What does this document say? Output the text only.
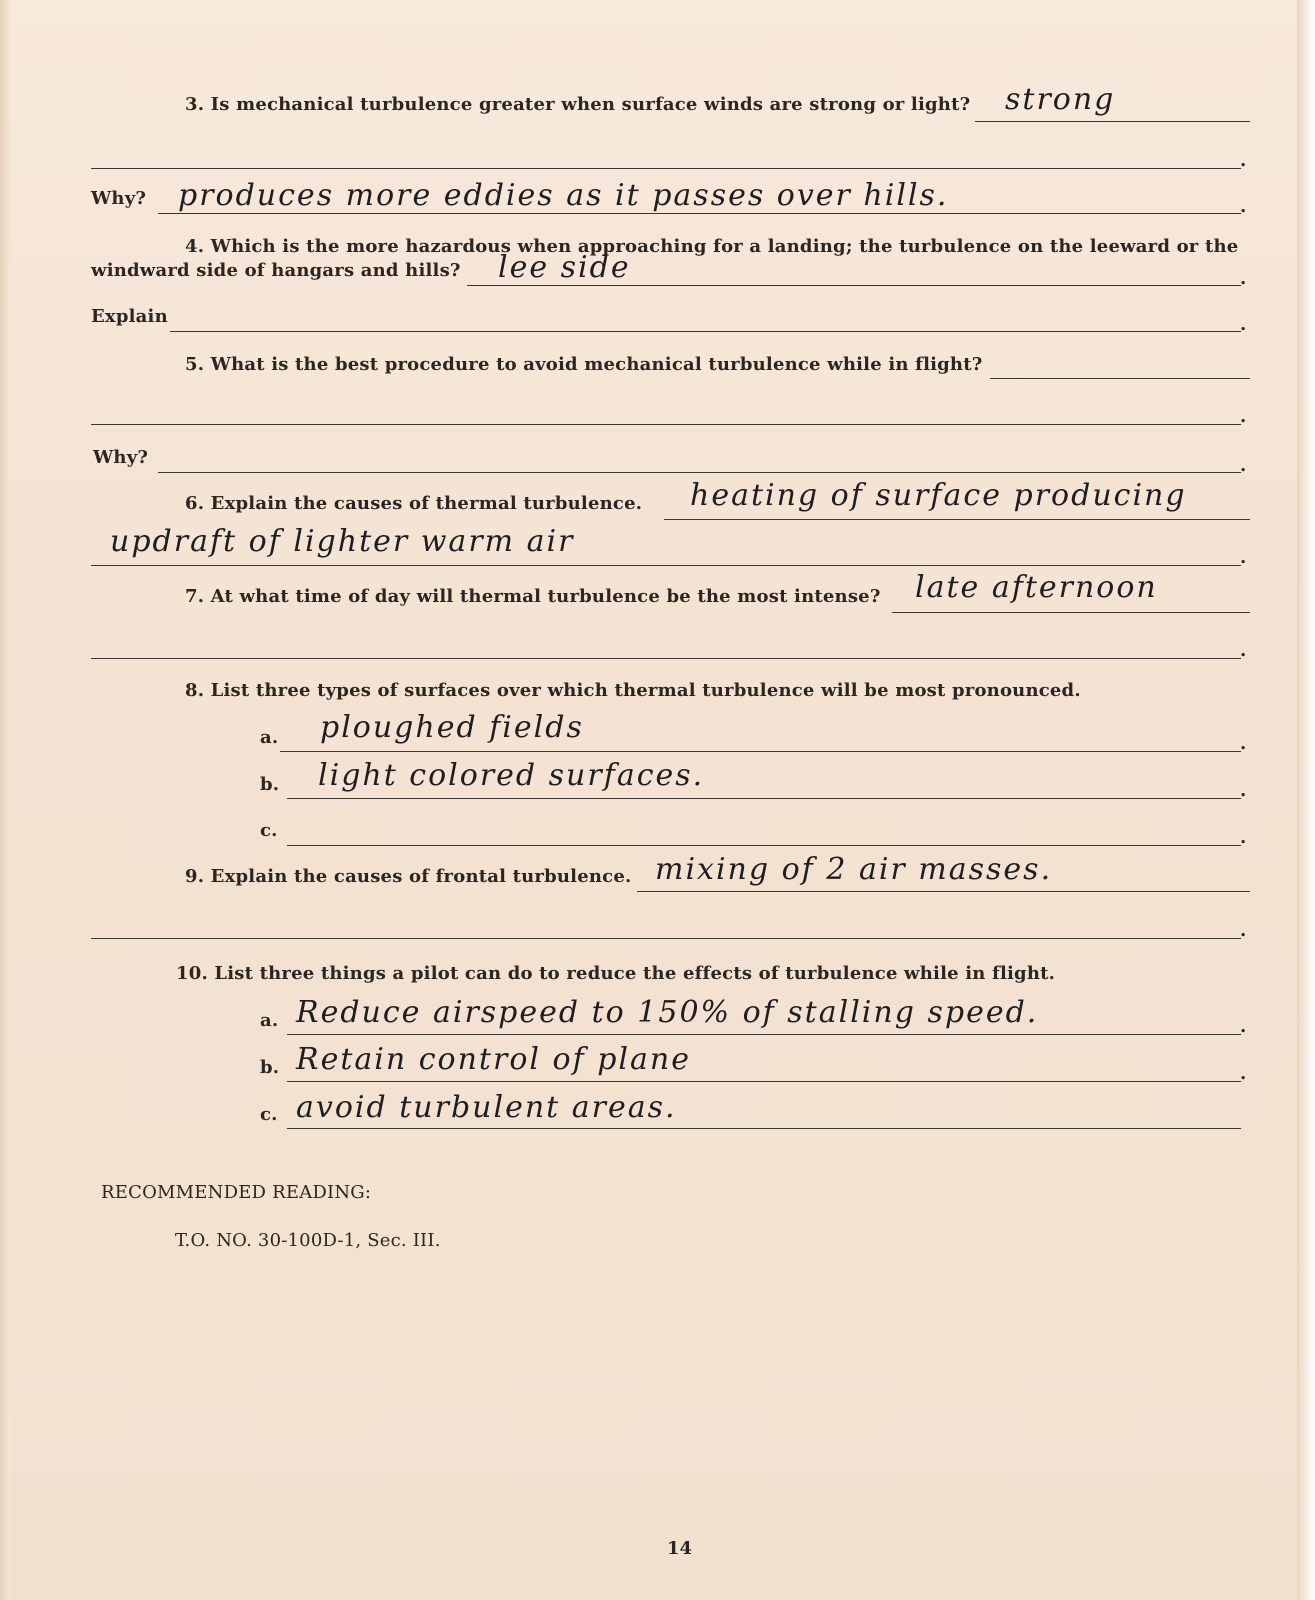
3. Is mechanical turbulence greater when surface winds are strong or light? strong
.
Why?	.
produces more eddies as it passes over hills.
4. Which is the more hazardous when approaching for a landing; the turbulence on the leeward or the
windward side of hangars and hills?	.
lee side
Explain	.
5. What is the best procedure to avoid mechanical turbulence while in flight?
.
Why?	.
6. Explain the causes of thermal turbulence. heating of surface producing
.
updraft of lighter warm air
7. At what time of day will thermal turbulence be the most intense? late afternoon
.
8. List three types of surfaces over which thermal turbulence will be most pronounced.
a.	.
ploughed fields
b.	.
light colored surfaces.
c.	.
9. Explain the causes of frontal turbulence. mixing of 2 air masses.
.
10. List three things a pilot can do to reduce the effects of turbulence while in flight.
a.	.
Reduce airspeed to 150% of stalling speed.
b.	.
Retain control of plane
c. avoid turbulent areas.
RECOMMENDED READING:
T.O. NO. 30-100D-1, Sec. III.
14
